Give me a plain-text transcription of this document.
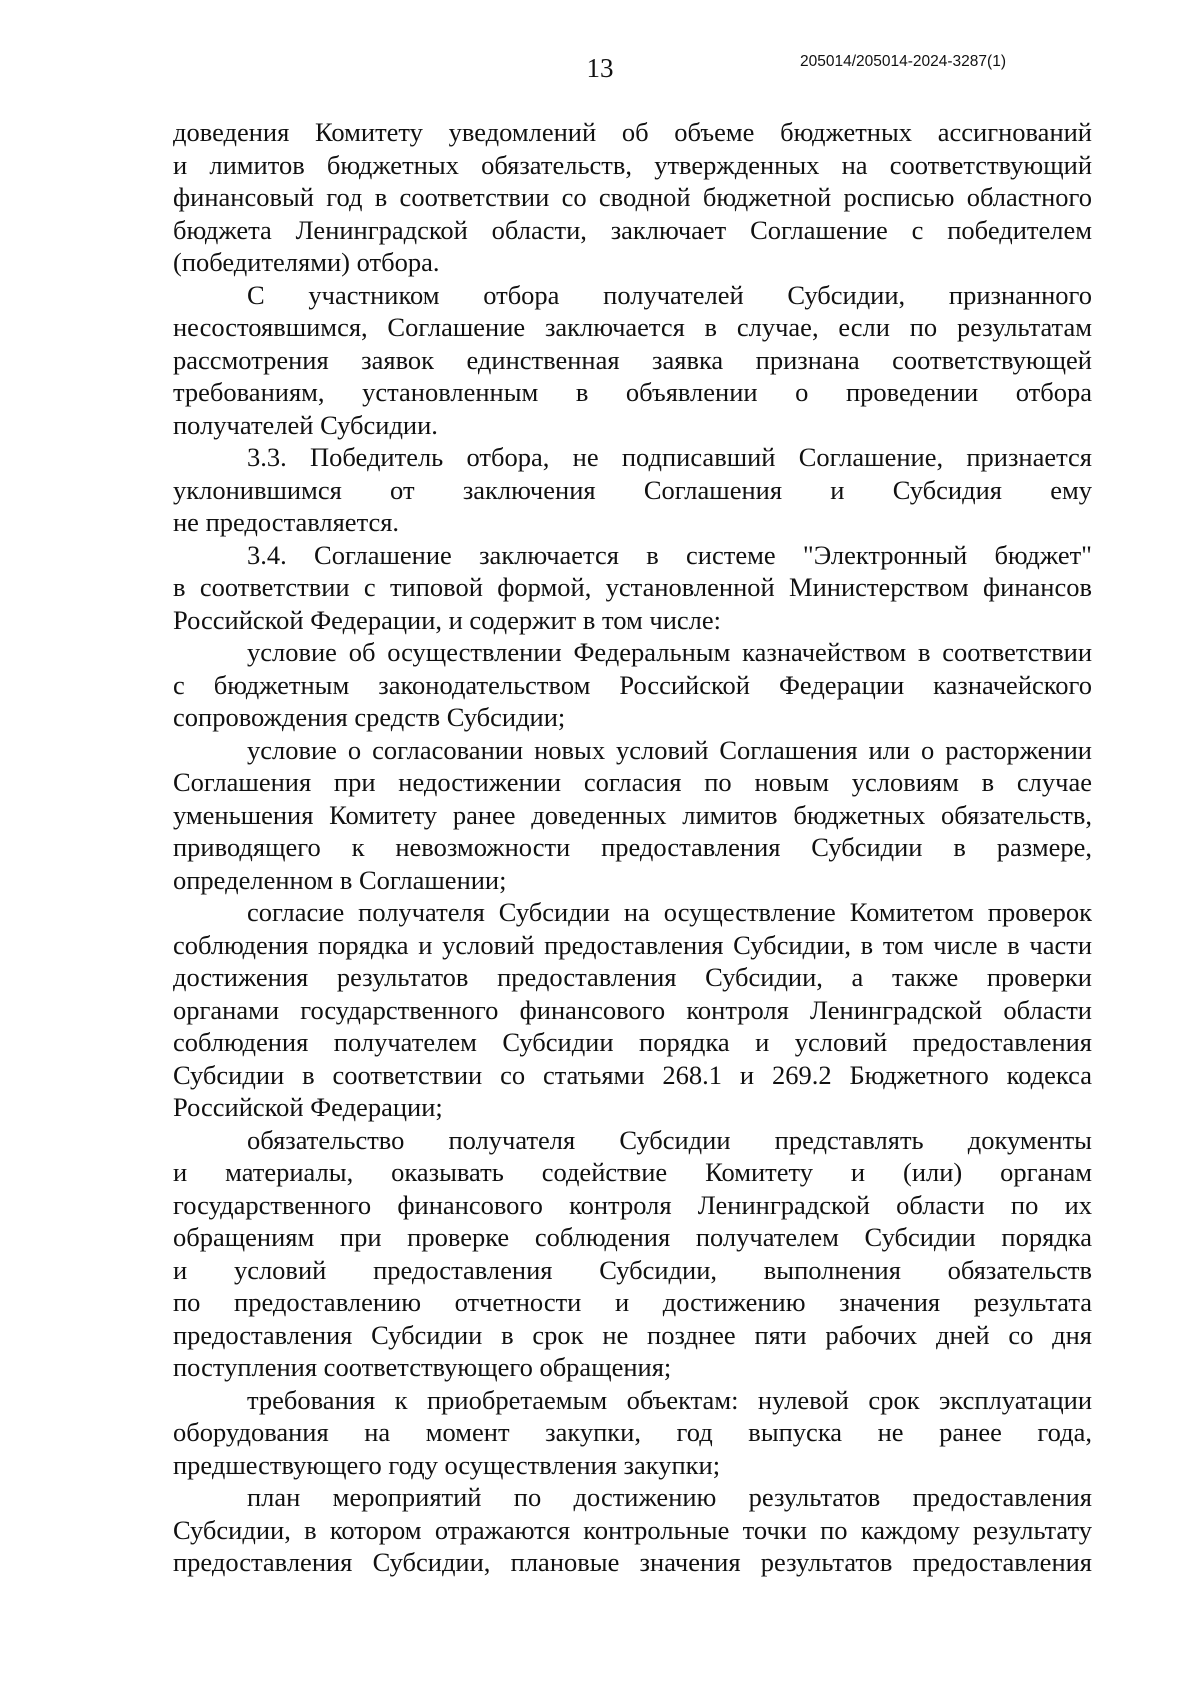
13	205014/205014-2024-3287(1)
доведения Комитету уведомлений об объеме бюджетных ассигнований
и лимитов бюджетных обязательств, утвержденных на соответствующий
финансовый год в соответствии со сводной бюджетной росписью областного
бюджета Ленинградской области, заключает Соглашение с победителем
(победителями) отбора.
С участником отбора получателей Субсидии, признанного
несостоявшимся, Соглашение заключается в случае, если по результатам
рассмотрения заявок единственная заявка признана соответствующей
требованиям, установленным в объявлении о проведении отбора
получателей Субсидии.
3.3. Победитель отбора, не подписавший Соглашение, признается
уклонившимся от заключения Соглашения и Субсидия ему
не предоставляется.
3.4. Соглашение заключается в системе "Электронный бюджет"
в соответствии с типовой формой, установленной Министерством финансов
Российской Федерации, и содержит в том числе:
условие об осуществлении Федеральным казначейством в соответствии
с бюджетным законодательством Российской Федерации казначейского
сопровождения средств Субсидии;
условие о согласовании новых условий Соглашения или о расторжении
Соглашения при недостижении согласия по новым условиям в случае
уменьшения Комитету ранее доведенных лимитов бюджетных обязательств,
приводящего к невозможности предоставления Субсидии в размере,
определенном в Соглашении;
согласие получателя Субсидии на осуществление Комитетом проверок
соблюдения порядка и условий предоставления Субсидии, в том числе в части
достижения результатов предоставления Субсидии, а также проверки
органами государственного финансового контроля Ленинградской области
соблюдения получателем Субсидии порядка и условий предоставления
Субсидии в соответствии со статьями 268.1 и 269.2 Бюджетного кодекса
Российской Федерации;
обязательство получателя Субсидии представлять документы
и материалы, оказывать содействие Комитету и (или) органам
государственного финансового контроля Ленинградской области по их
обращениям при проверке соблюдения получателем Субсидии порядка
и условий предоставления Субсидии, выполнения обязательств
по предоставлению отчетности и достижению значения результата
предоставления Субсидии в срок не позднее пяти рабочих дней со дня
поступления соответствующего обращения;
требования к приобретаемым объектам: нулевой срок эксплуатации
оборудования на момент закупки, год выпуска не ранее года,
предшествующего году осуществления закупки;
план мероприятий по достижению результатов предоставления
Субсидии, в котором отражаются контрольные точки по каждому результату
предоставления Субсидии, плановые значения результатов предоставления
